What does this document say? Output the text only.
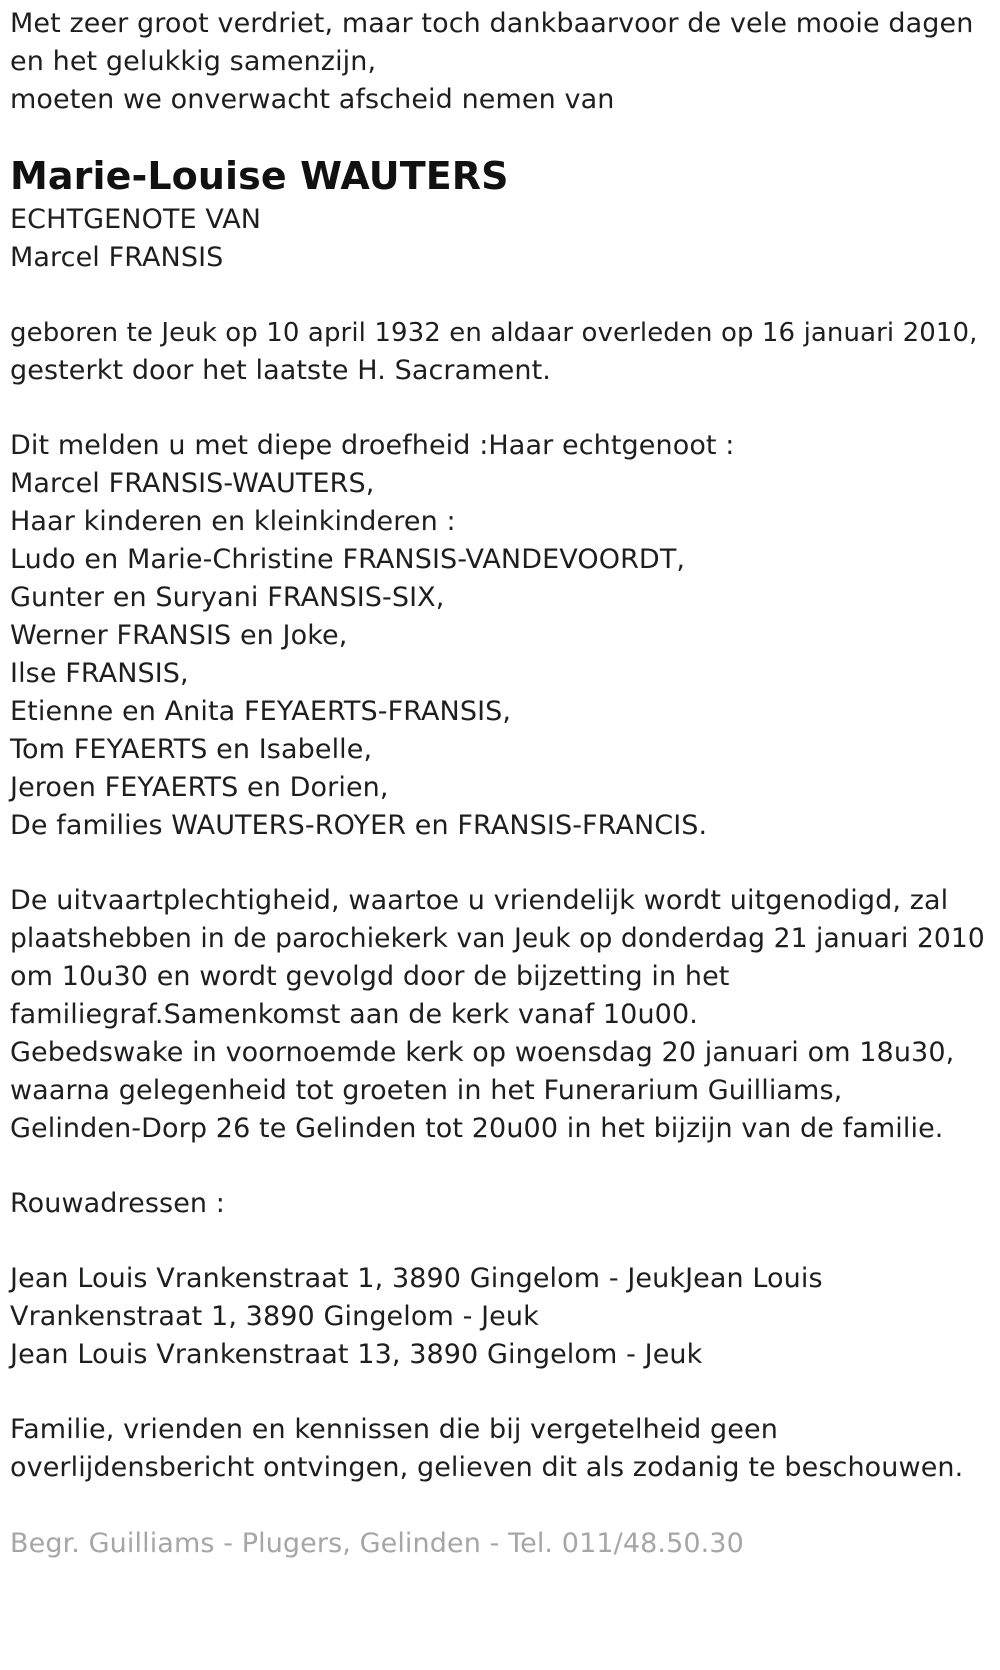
Met zeer groot verdriet, maar toch dankbaarvoor de vele mooie dagen
en het gelukkig samenzijn,
moeten we onverwacht afscheid nemen van
Marie-Louise WAUTERS
ECHTGENOTE VAN
Marcel FRANSIS
geboren te Jeuk op 10 april 1932 en aldaar overleden op 16 januari 2010,
gesterkt door het laatste H. Sacrament.
Dit melden u met diepe droefheid :Haar echtgenoot :
Marcel FRANSIS-WAUTERS,
Haar kinderen en kleinkinderen :
Ludo en Marie-Christine FRANSIS-VANDEVOORDT,
Gunter en Suryani FRANSIS-SIX,
Werner FRANSIS en Joke,
Ilse FRANSIS,
Etienne en Anita FEYAERTS-FRANSIS,
Tom FEYAERTS en Isabelle,
Jeroen FEYAERTS en Dorien,
De families WAUTERS-ROYER en FRANSIS-FRANCIS.
De uitvaartplechtigheid, waartoe u vriendelijk wordt uitgenodigd, zal
plaatshebben in de parochiekerk van Jeuk op donderdag 21 januari 2010
om 10u30 en wordt gevolgd door de bijzetting in het
familiegraf.Samenkomst aan de kerk vanaf 10u00.
Gebedswake in voornoemde kerk op woensdag 20 januari om 18u30,
waarna gelegenheid tot groeten in het Funerarium Guilliams,
Gelinden-Dorp 26 te Gelinden tot 20u00 in het bijzijn van de familie.
Rouwadressen :
Jean Louis Vrankenstraat 1, 3890 Gingelom - JeukJean Louis
Vrankenstraat 1, 3890 Gingelom - Jeuk
Jean Louis Vrankenstraat 13, 3890 Gingelom - Jeuk
Familie, vrienden en kennissen die bij vergetelheid geen
overlijdensbericht ontvingen, gelieven dit als zodanig te beschouwen.
Begr. Guilliams - Plugers, Gelinden - Tel. 011/48.50.30
